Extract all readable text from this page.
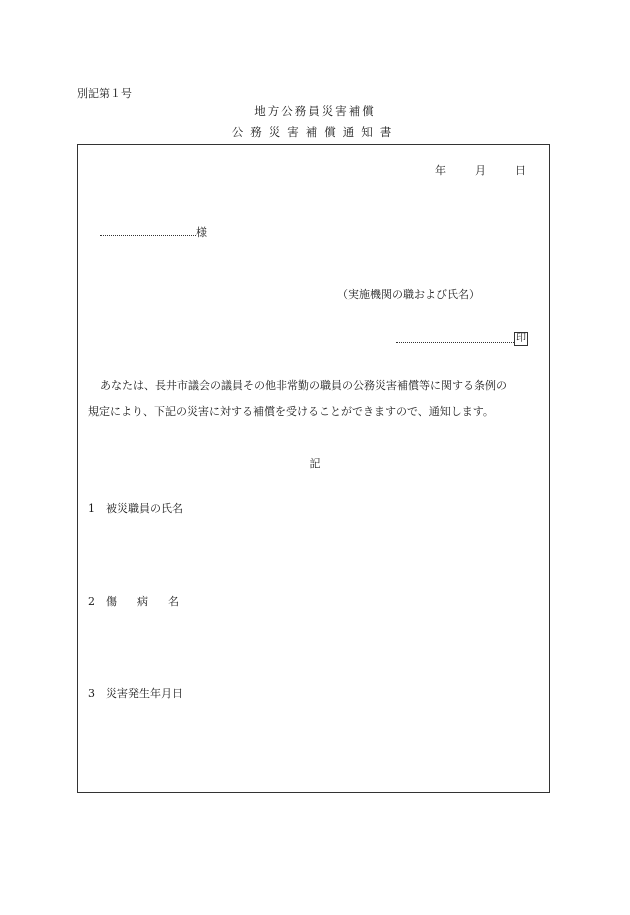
別記第１号
地方公務員災害補償
公務災害補償通知書
年	月	日
様
（実施機関の職および氏名）
印
あなたは、長井市議会の議員その他非常勤の職員の公務災害補償等に関する条例の
規定により、下記の災害に対する補償を受けることができますので、通知します。
記
1 被災職員の氏名
2 傷病名
3 災害発生年月日
